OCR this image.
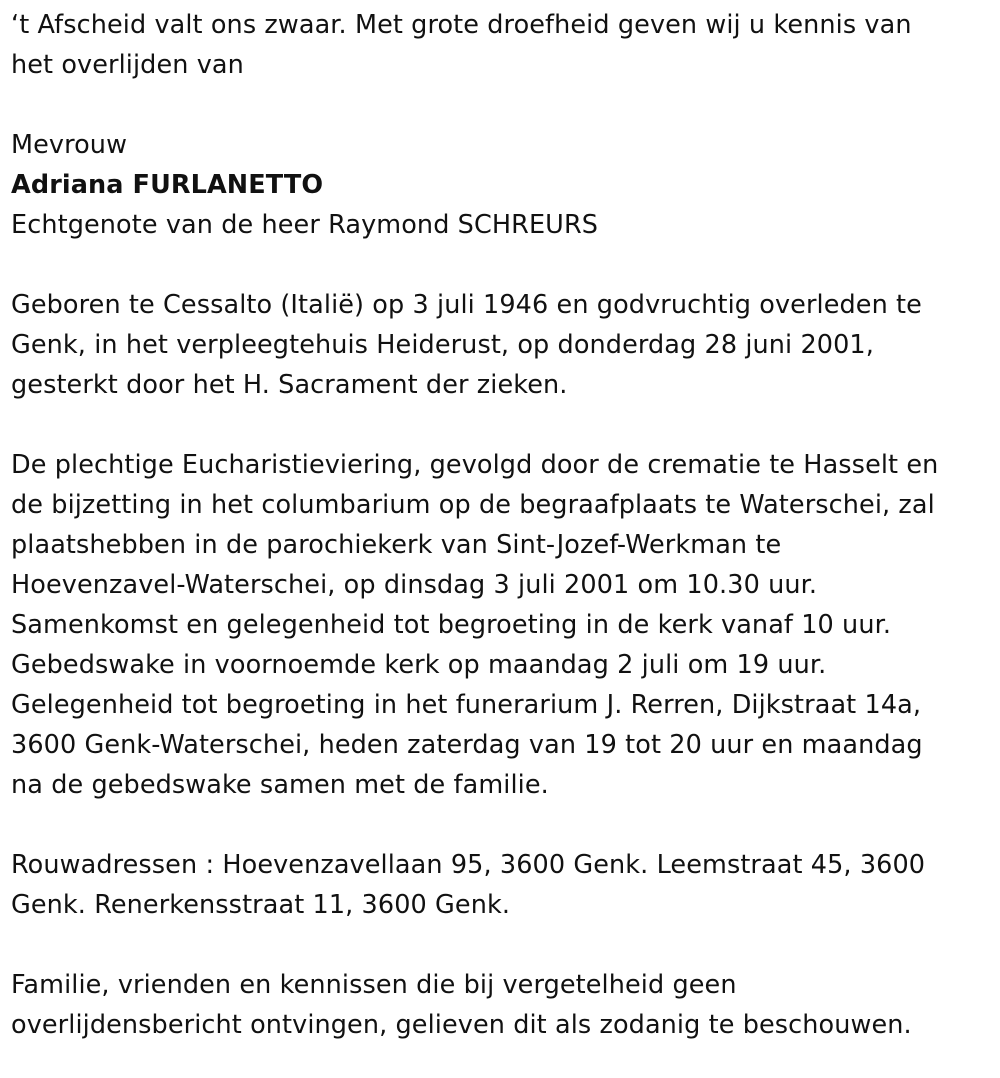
‘t Afscheid valt ons zwaar. Met grote droefheid geven wij u kennis van
het overlijden van

Mevrouw

Adriana FURLANETTO

Echtgenote van de heer Raymond SCHREURS

Geboren te Cessalto (Italië) op 3 juli 1946 en godvruchtig overleden te
Genk, in het verpleegtehuis Heiderust, op donderdag 28 juni 2001,
gesterkt door het H. Sacrament der zieken.

De plechtige Eucharistieviering, gevolgd door de crematie te Hasselt en
de bijzetting in het columbarium op de begraafplaats te Waterschei, zal
plaatshebben in de parochiekerk van Sint-Jozef-Werkman te
Hoevenzavel-Waterschei, op dinsdag 3 juli 2001 om 10.30 uur.
Samenkomst en gelegenheid tot begroeting in de kerk vanaf 10 uur.
Gebedswake in voornoemde kerk op maandag 2 juli om 19 uur.
Gelegenheid tot begroeting in het funerarium J. Rerren, Dijkstraat 14a,
3600 Genk-Waterschei, heden zaterdag van 19 tot 20 uur en maandag
na de gebedswake samen met de familie.

Rouwadressen : Hoevenzavellaan 95, 3600 Genk. Leemstraat 45, 3600
Genk. Renerkensstraat 11, 3600 Genk.

Familie, vrienden en kennissen die bij vergetelheid geen
overlijdensbericht ontvingen, gelieven dit als zodanig te beschouwen.
